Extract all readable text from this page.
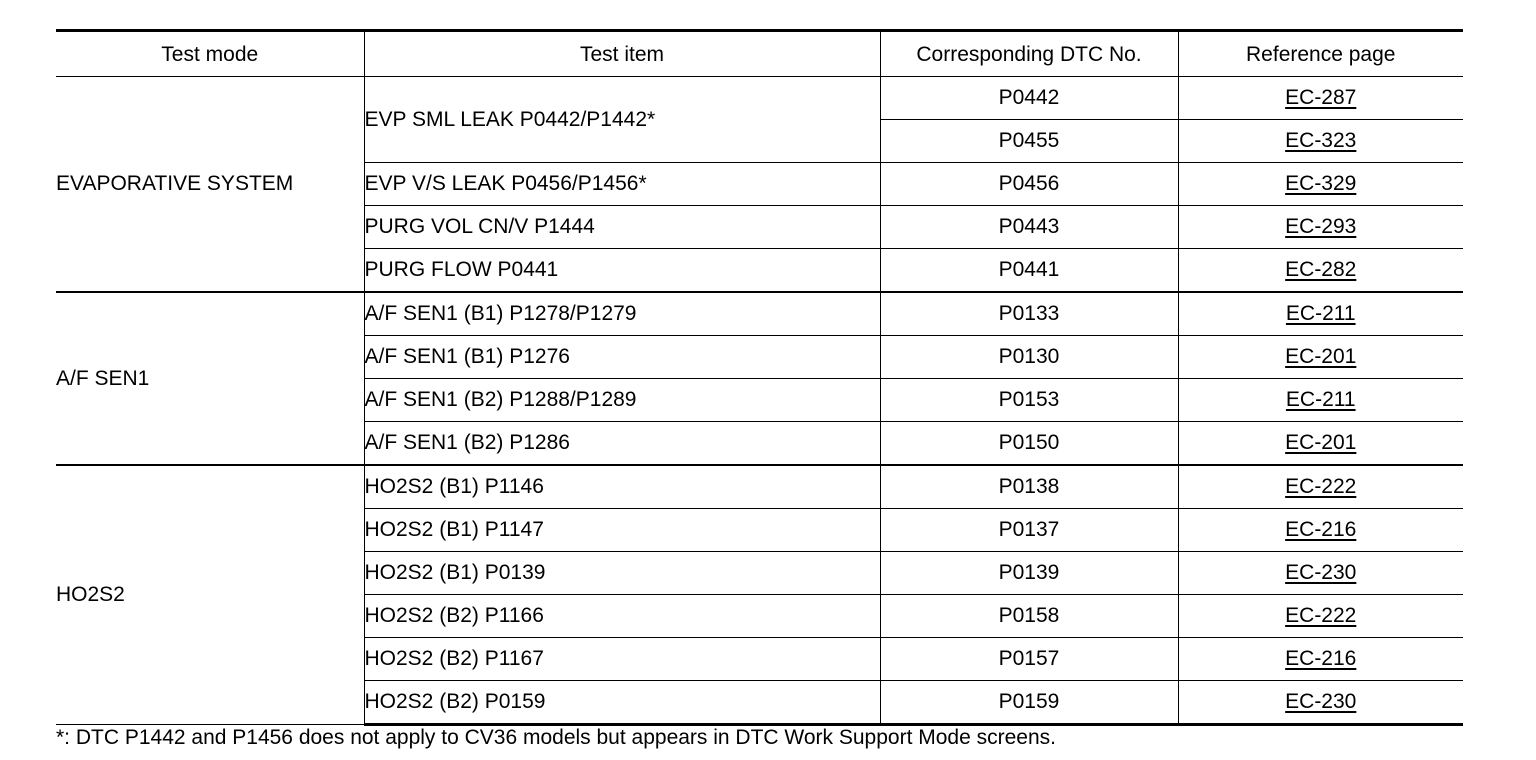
Test mode	Test item	Corresponding DTC No.	Reference page
EVAPORATIVE SYSTEM	EVP SML LEAK P0442/P1442*	P0442	EC-287
		P0455	EC-323
	EVP V/S LEAK P0456/P1456*	P0456	EC-329
	PURG VOL CN/V P1444	P0443	EC-293
	PURG FLOW P0441	P0441	EC-282
A/F SEN1	A/F SEN1 (B1) P1278/P1279	P0133	EC-211
	A/F SEN1 (B1) P1276	P0130	EC-201
	A/F SEN1 (B2) P1288/P1289	P0153	EC-211
	A/F SEN1 (B2) P1286	P0150	EC-201
HO2S2	HO2S2 (B1) P1146	P0138	EC-222
	HO2S2 (B1) P1147	P0137	EC-216
	HO2S2 (B1) P0139	P0139	EC-230
	HO2S2 (B2) P1166	P0158	EC-222
	HO2S2 (B2) P1167	P0157	EC-216
	HO2S2 (B2) P0159	P0159	EC-230
*: DTC P1442 and P1456 does not apply to CV36 models but appears in DTC Work Support Mode screens.
